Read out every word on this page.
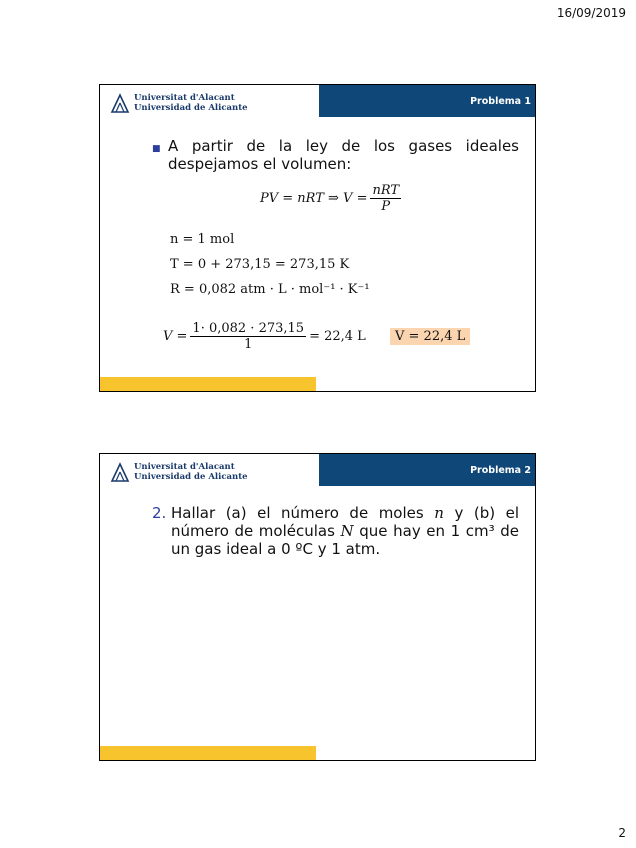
16/09/2019
Universitat d'Alacant
Universidad de Alicante
Problema 1
■ A partir de la ley de los gases ideales despejamos el volumen:
PV = nRT ⇒ $V = \frac{\text{nRT}}{P}$
n = 1 mol
T = 0 + 273,15 = 273,15 K
R = 0,082 atm · L · mol⁻¹ · K⁻¹
$V = \frac{1\cdot 0,082 \cdot 273,15}{1} = 22,4$ L	V = 22,4 L
Universitat d'Alacant
Universidad de Alicante
Problema 2
2. Hallar (a) el número de moles n y (b) el número de moléculas N que hay en 1 cm³ de un gas ideal a 0 ºC y 1 atm.
2
